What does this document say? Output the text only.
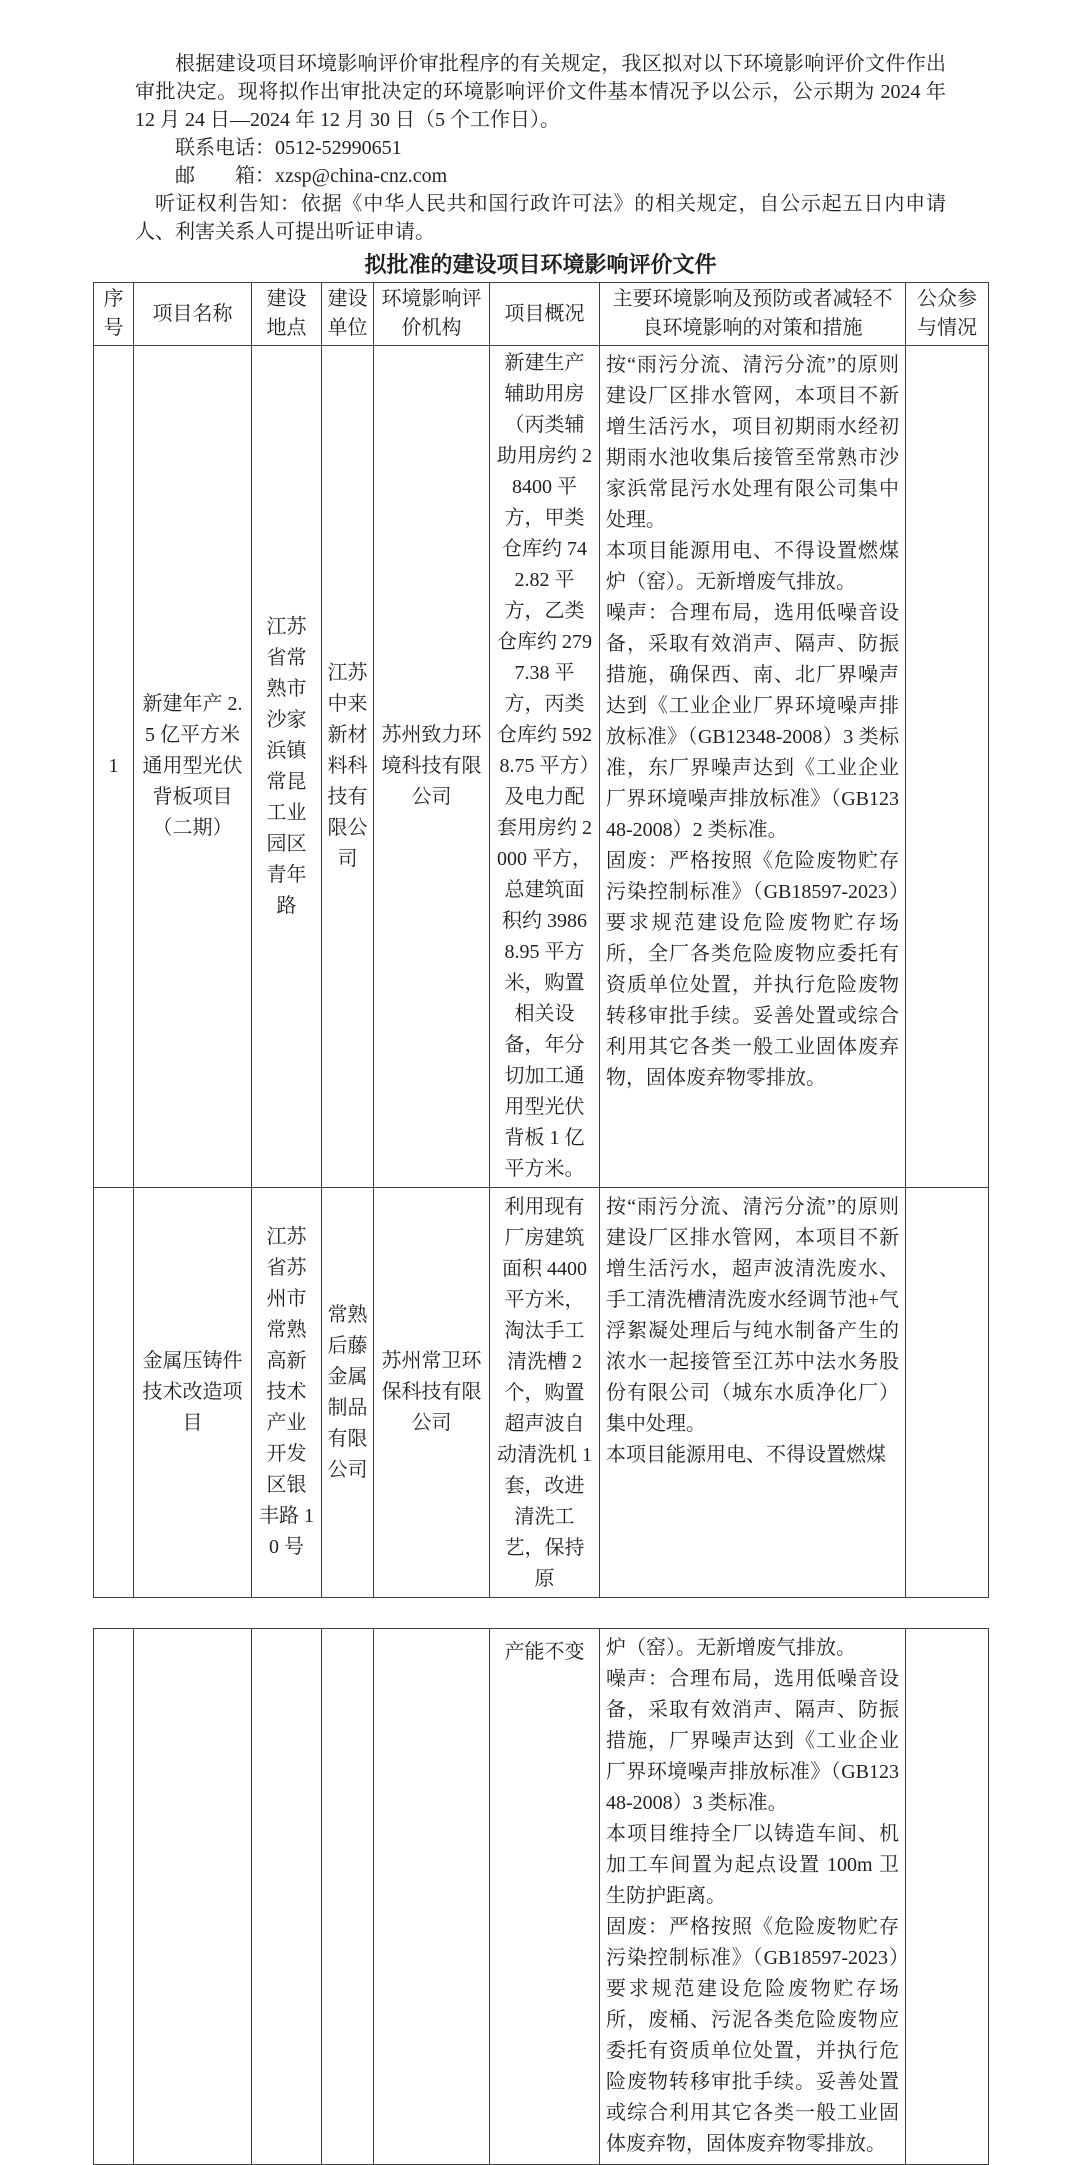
根据建设项目环境影响评价审批程序的有关规定，我区拟对以下环境影响评价文件作出审批决定。现将拟作出审批决定的环境影响评价文件基本情况予以公示，公示期为 2024 年 12 月 24 日—2024 年 12 月 30 日（5 个工作日）。

联系电话：0512-52990651

邮　　箱：xzsp@china-cnz.com

听证权利告知：依据《中华人民共和国行政许可法》的相关规定，自公示起五日内申请人、利害关系人可提出听证申请。

拟批准的建设项目环境影响评价文件
序号	项目名称	建设地点	建设单位	环境影响评价机构	项目概况	主要环境影响及预防或者减轻不良环境影响的对策和措施	公众参与情况
1	新建年产 2.5 亿平方米通用型光伏背板项目（二期）	江苏省常熟市沙家浜镇常昆工业园区青年路	江苏中来新材料科技有限公司	苏州致力环境科技有限公司	新建生产辅助用房（丙类辅助用房约 28400 平方，甲类仓库约 742.82 平方，乙类仓库约 2797.38 平方，丙类仓库约 5928.75 平方）及电力配套用房约 2000 平方，总建筑面积约 39868.95 平方米，购置相关设备，年分切加工通用型光伏背板 1 亿平方米。	按“雨污分流、清污分流”的原则建设厂区排水管网，本项目不新增生活污水，项目初期雨水经初期雨水池收集后接管至常熟市沙家浜常昆污水处理有限公司集中处理。

本项目能源用电、不得设置燃煤炉（窑）。无新增废气排放。

噪声：合理布局，选用低噪音设备，采取有效消声、隔声、防振措施，确保西、南、北厂界噪声达到《工业企业厂界环境噪声排放标准》（GB12348-2008）3 类标准，东厂界噪声达到《工业企业厂界环境噪声排放标准》（GB12348-2008）2 类标准。

固废：严格按照《危险废物贮存污染控制标准》（GB18597-2023）要求规范建设危险废物贮存场所，全厂各类危险废物应委托有资质单位处置，并执行危险废物转移审批手续。妥善处置或综合利用其它各类一般工业固体废弃物，固体废弃物零排放。	

	金属压铸件技术改造项目	江苏省苏州市常熟高新技术产业开发区银丰路 10 号	常熟后藤金属制品有限公司	苏州常卫环保科技有限公司	利用现有厂房建筑面积 4400 平方米，淘汰手工清洗槽 2 个，购置超声波自动清洗机 1 套，改进清洗工艺，保持原	按“雨污分流、清污分流”的原则建设厂区排水管网，本项目不新增生活污水，超声波清洗废水、手工清洗槽清洗废水经调节池+气浮絮凝处理后与纯水制备产生的浓水一起接管至江苏中法水务股份有限公司（城东水质净化厂）集中处理。

本项目能源用电、不得设置燃煤	

					产能不变	炉（窑）。无新增废气排放。

噪声：合理布局，选用低噪音设备，采取有效消声、隔声、防振措施，厂界噪声达到《工业企业厂界环境噪声排放标准》（GB12348-2008）3 类标准。

本项目维持全厂以铸造车间、机加工车间置为起点设置 100m 卫生防护距离。

固废：严格按照《危险废物贮存污染控制标准》（GB18597-2023）要求规范建设危险废物贮存场所，废桶、污泥各类危险废物应委托有资质单位处置，并执行危险废物转移审批手续。妥善处置或综合利用其它各类一般工业固体废弃物，固体废弃物零排放。
